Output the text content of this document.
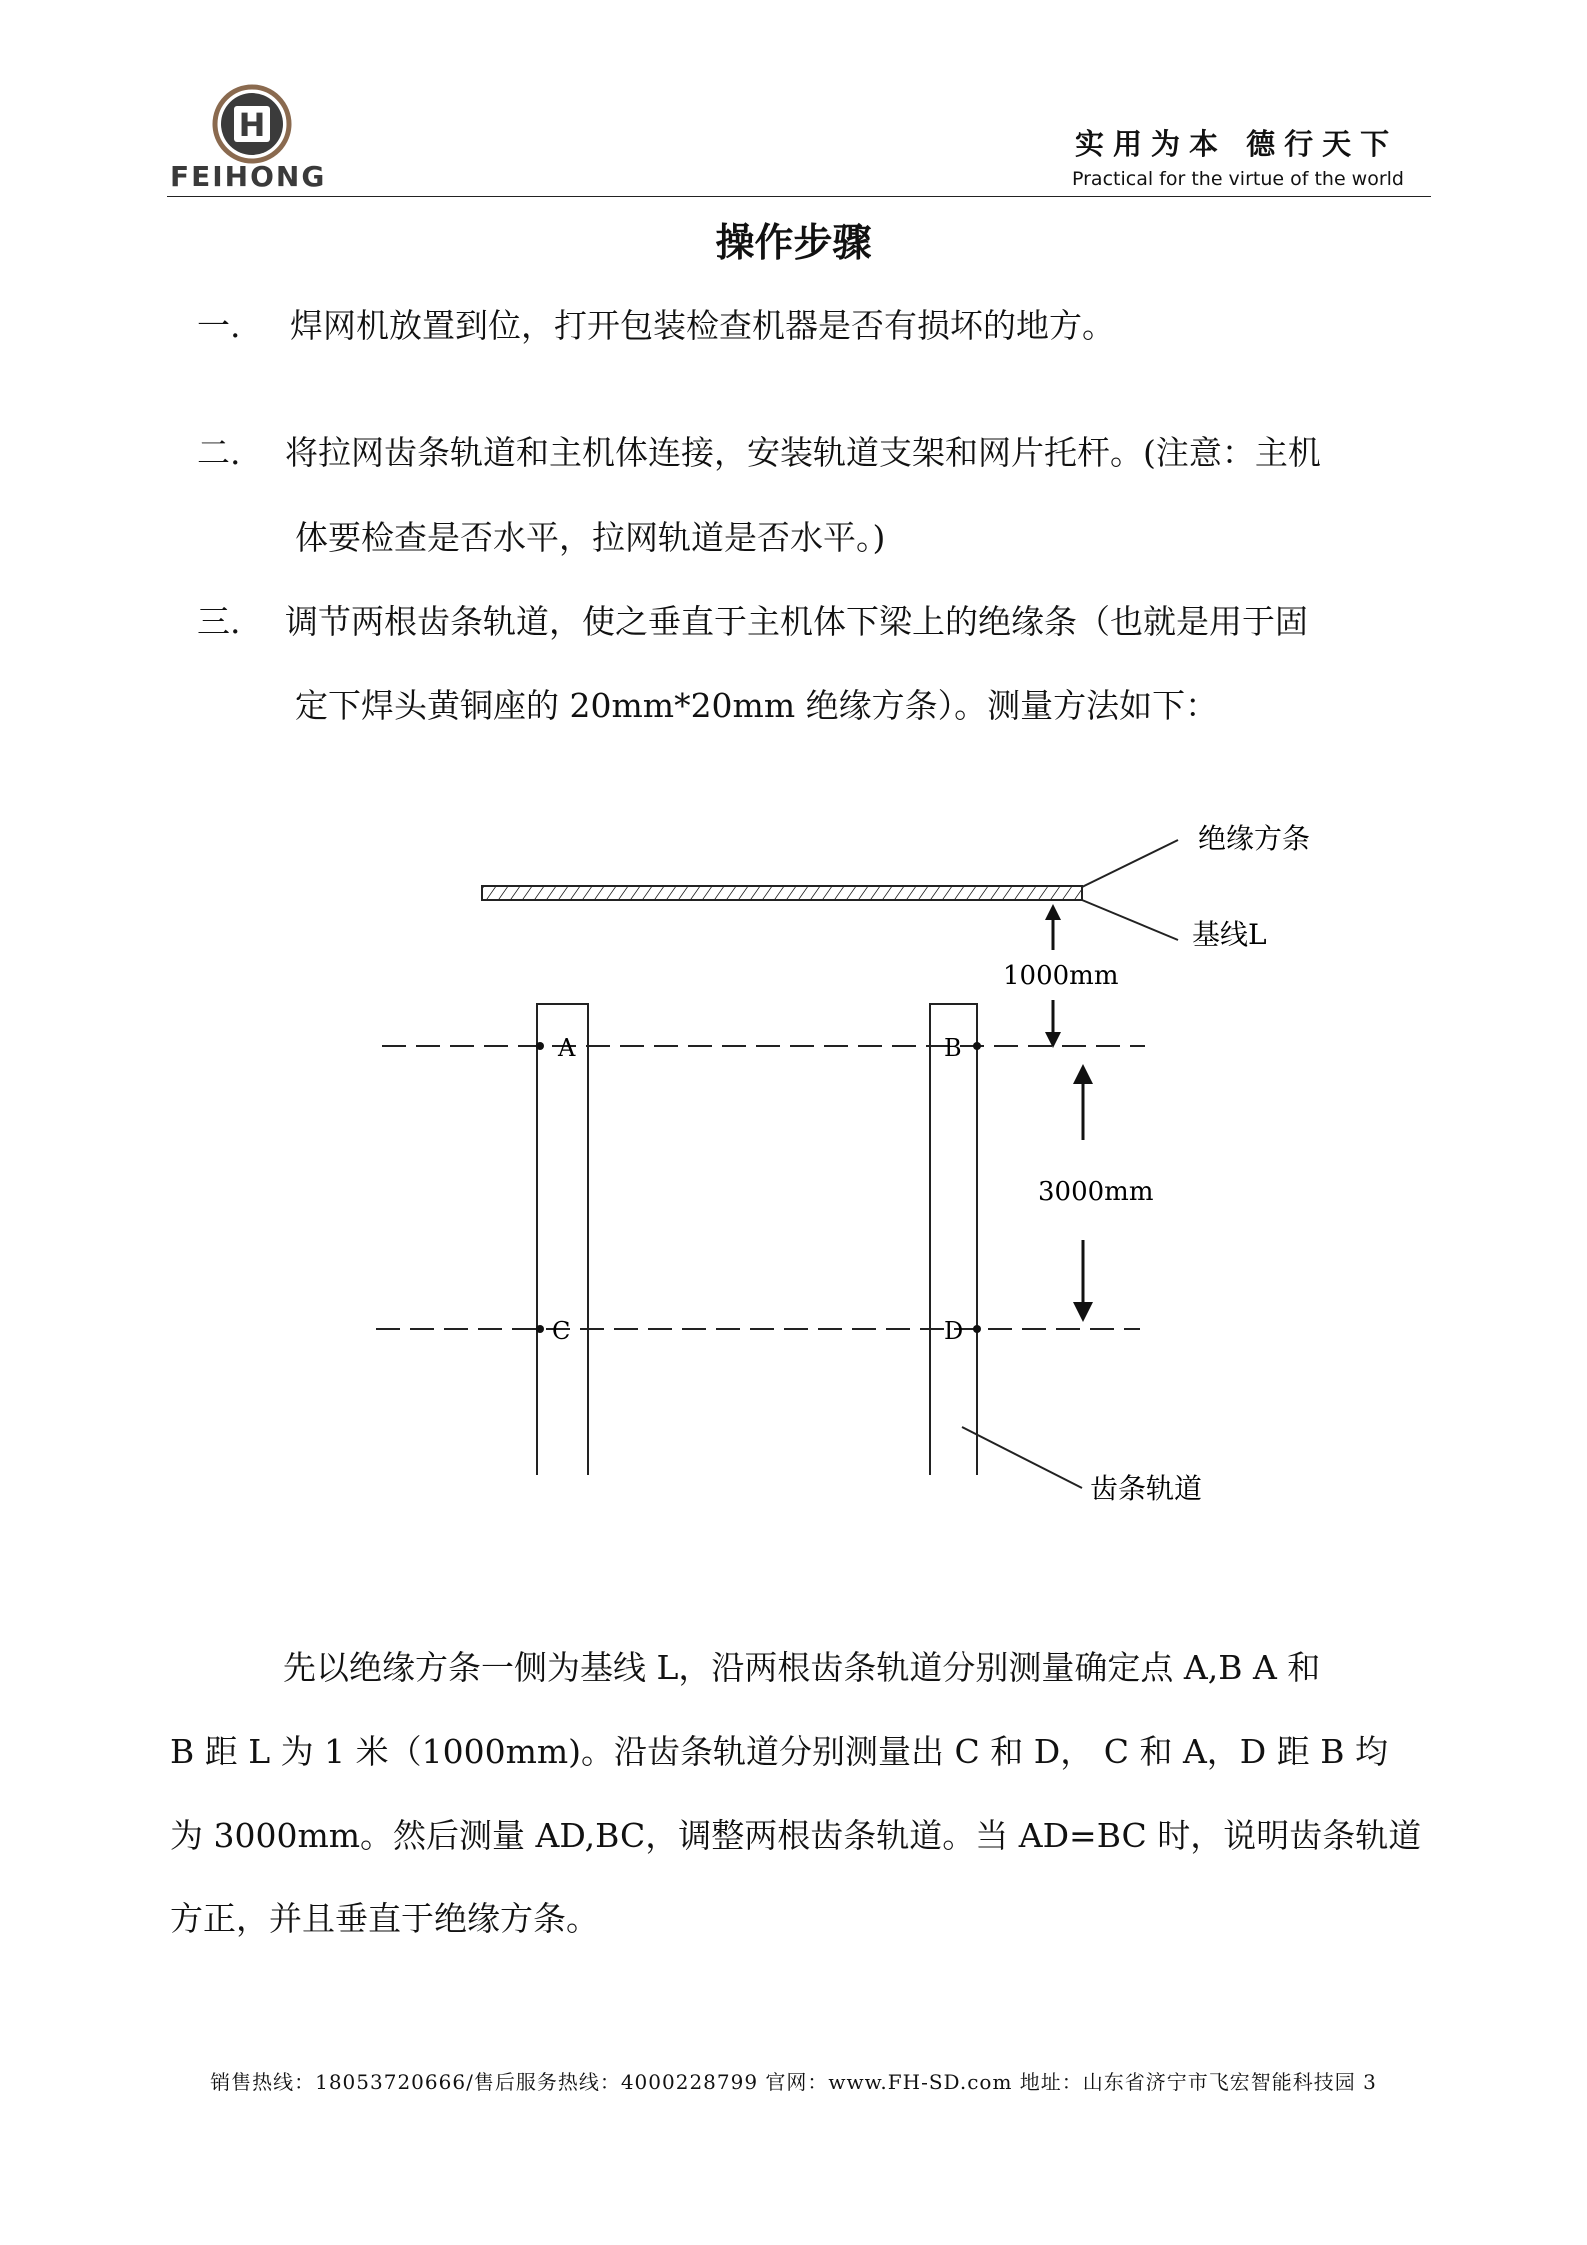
H
FEIHONG
实用为本 德行天下
Practical for the virtue of the world
操作步骤
一. 焊网机放置到位，打开包装检查机器是否有损坏的地方。
二. 将拉网齿条轨道和主机体连接，安装轨道支架和网片托杆。(注意：主机
体要检查是否水平，拉网轨道是否水平。)
三. 调节两根齿条轨道，使之垂直于主机体下梁上的绝缘条（也就是用于固
定下焊头黄铜座的 20mm*20mm 绝缘方条）。测量方法如下：
绝缘方条
基线L
1000mm
3000mm
A	B
C	D
齿条轨道
先以绝缘方条一侧为基线 L，沿两根齿条轨道分别测量确定点 A,B A 和
B 距 L 为 1 米（1000mm)。沿齿条轨道分别测量出 C 和 D， C 和 A，D 距 B 均
为 3000mm。然后测量 AD,BC，调整两根齿条轨道。当 AD=BC 时，说明齿条轨道
方正，并且垂直于绝缘方条。
销售热线：18053720666/售后服务热线：4000228799 官网：www.FH-SD.com 地址：山东省济宁市飞宏智能科技园 3
